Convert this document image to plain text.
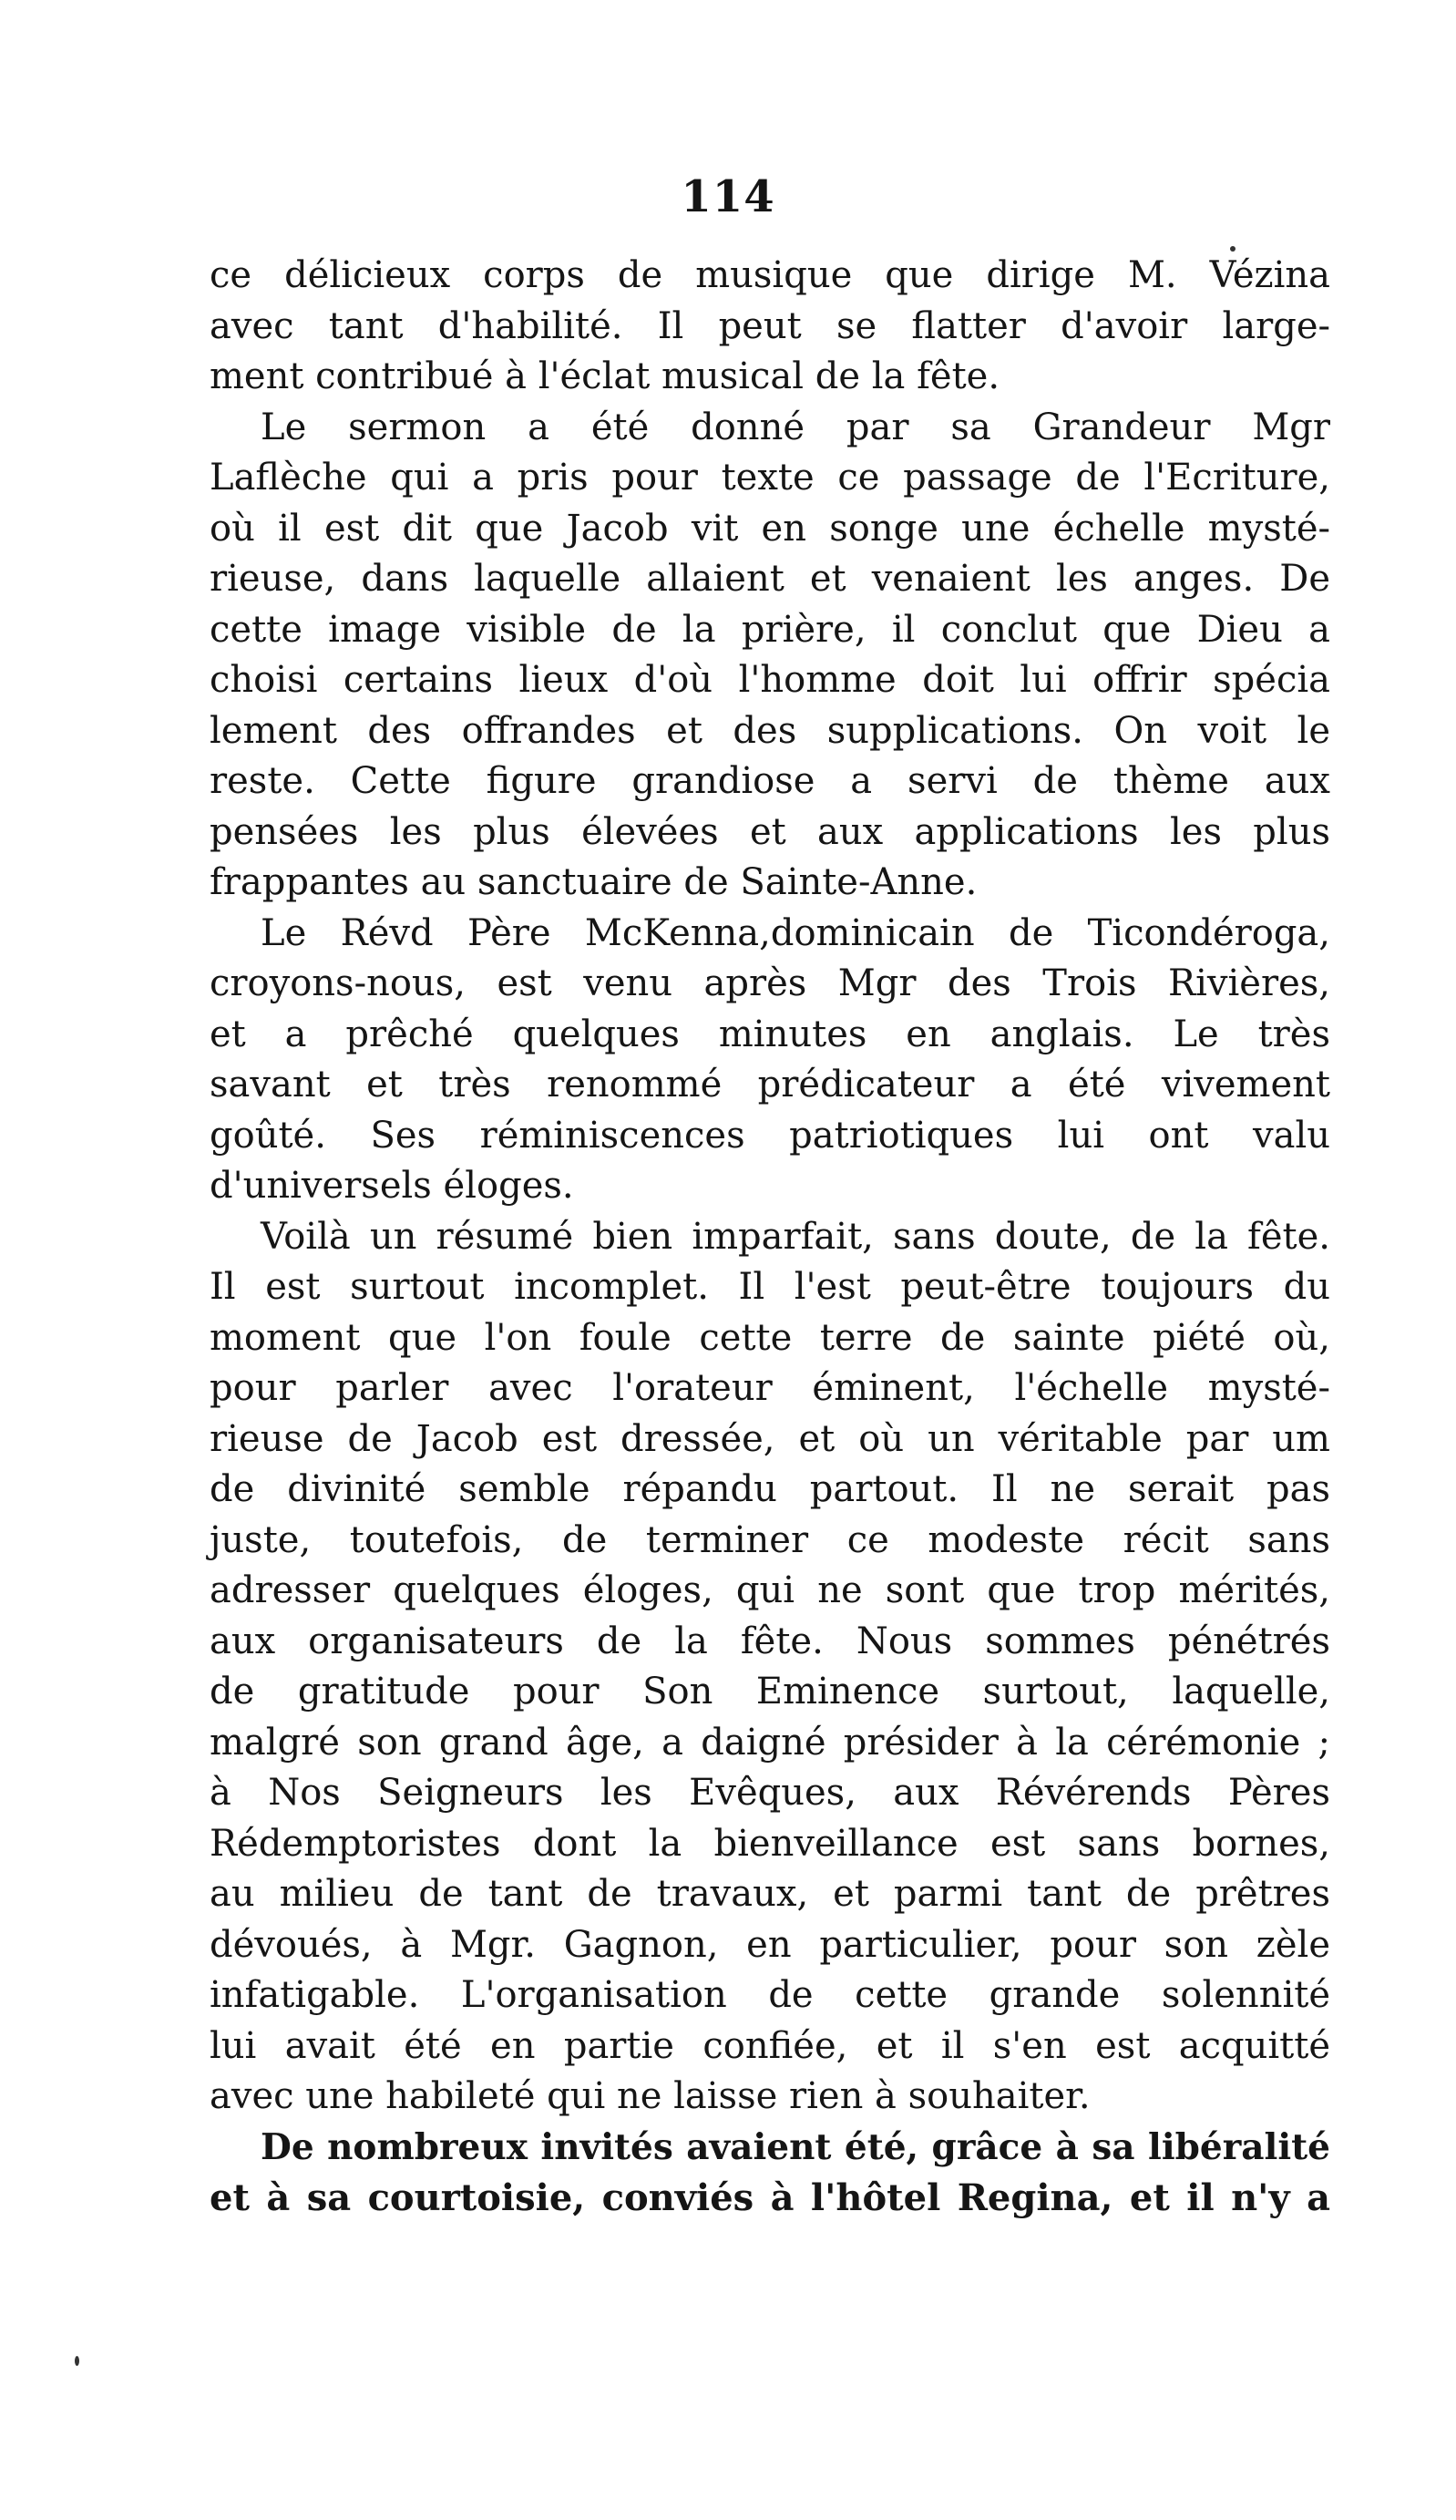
114
ce délicieux corps de musique que dirige M. Vézina
avec tant d'habilité. Il peut se flatter d'avoir large-
ment contribué à l'éclat musical de la fête.
Le sermon a été donné par sa Grandeur Mgr
Laflèche qui a pris pour texte ce passage de l'Ecriture,
où il est dit que Jacob vit en songe une échelle mysté-
rieuse, dans laquelle allaient et venaient les anges. De
cette image visible de la prière, il conclut que Dieu a
choisi certains lieux d'où l'homme doit lui offrir spécia
lement des offrandes et des supplications. On voit le
reste. Cette figure grandiose a servi de thème aux
pensées les plus élevées et aux applications les plus
frappantes au sanctuaire de Sainte-Anne.
Le Révd Père McKenna,dominicain de Ticondéroga,
croyons-nous, est venu après Mgr des Trois Rivières,
et a prêché quelques minutes en anglais. Le très
savant et très renommé prédicateur a été vivement
goûté. Ses réminiscences patriotiques lui ont valu
d'universels éloges.
Voilà un résumé bien imparfait, sans doute, de la fête.
Il est surtout incomplet. Il l'est peut-être toujours du
moment que l'on foule cette terre de sainte piété où,
pour parler avec l'orateur éminent, l'échelle mysté-
rieuse de Jacob est dressée, et où un véritable par um
de divinité semble répandu partout. Il ne serait pas
juste, toutefois, de terminer ce modeste récit sans
adresser quelques éloges, qui ne sont que trop mérités,
aux organisateurs de la fête. Nous sommes pénétrés
de gratitude pour Son Eminence surtout, laquelle,
malgré son grand âge, a daigné présider à la cérémonie ;
à Nos Seigneurs les Evêques, aux Révérends Pères
Rédemptoristes dont la bienveillance est sans bornes,
au milieu de tant de travaux, et parmi tant de prêtres
dévoués, à Mgr. Gagnon, en particulier, pour son zèle
infatigable. L'organisation de cette grande solennité
lui avait été en partie confiée, et il s'en est acquitté
avec une habileté qui ne laisse rien à souhaiter.
De nombreux invités avaient été, grâce à sa libéralité
et à sa courtoisie, conviés à l'hôtel Regina, et il n'y a
